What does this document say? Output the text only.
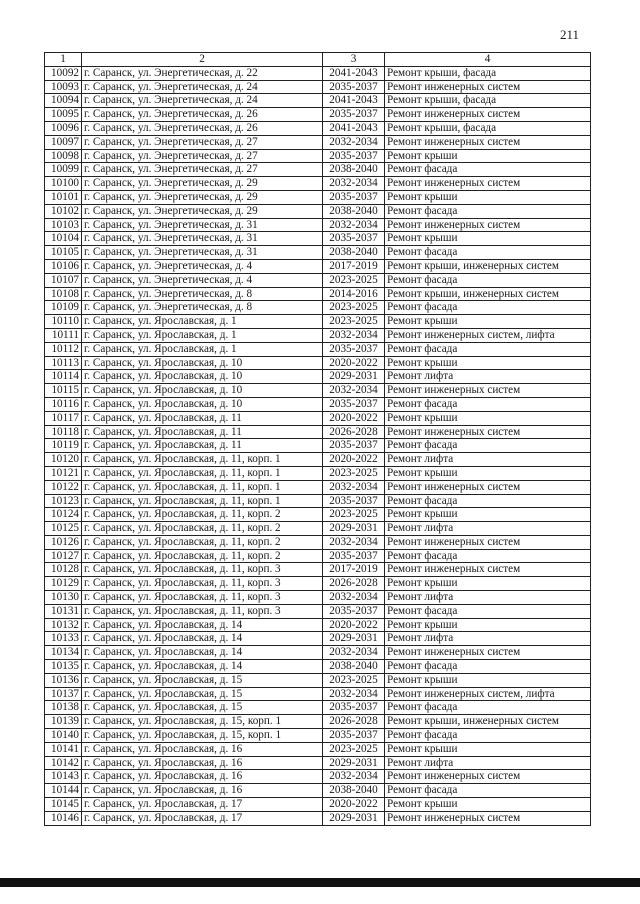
211
1	2	3	4
10092	г. Саранск, ул. Энергетическая, д. 22	2041-2043	Ремонт крыши, фасада
10093	г. Саранск, ул. Энергетическая, д. 24	2035-2037	Ремонт инженерных систем
10094	г. Саранск, ул. Энергетическая, д. 24	2041-2043	Ремонт крыши, фасада
10095	г. Саранск, ул. Энергетическая, д. 26	2035-2037	Ремонт инженерных систем
10096	г. Саранск, ул. Энергетическая, д. 26	2041-2043	Ремонт крыши, фасада
10097	г. Саранск, ул. Энергетическая, д. 27	2032-2034	Ремонт инженерных систем
10098	г. Саранск, ул. Энергетическая, д. 27	2035-2037	Ремонт крыши
10099	г. Саранск, ул. Энергетическая, д. 27	2038-2040	Ремонт фасада
10100	г. Саранск, ул. Энергетическая, д. 29	2032-2034	Ремонт инженерных систем
10101	г. Саранск, ул. Энергетическая, д. 29	2035-2037	Ремонт крыши
10102	г. Саранск, ул. Энергетическая, д. 29	2038-2040	Ремонт фасада
10103	г. Саранск, ул. Энергетическая, д. 31	2032-2034	Ремонт инженерных систем
10104	г. Саранск, ул. Энергетическая, д. 31	2035-2037	Ремонт крыши
10105	г. Саранск, ул. Энергетическая, д. 31	2038-2040	Ремонт фасада
10106	г. Саранск, ул. Энергетическая, д. 4	2017-2019	Ремонт крыши, инженерных систем
10107	г. Саранск, ул. Энергетическая, д. 4	2023-2025	Ремонт фасада
10108	г. Саранск, ул. Энергетическая, д. 8	2014-2016	Ремонт крыши, инженерных систем
10109	г. Саранск, ул. Энергетическая, д. 8	2023-2025	Ремонт фасада
10110	г. Саранск, ул. Ярославская, д. 1	2023-2025	Ремонт крыши
10111	г. Саранск, ул. Ярославская, д. 1	2032-2034	Ремонт инженерных систем, лифта
10112	г. Саранск, ул. Ярославская, д. 1	2035-2037	Ремонт фасада
10113	г. Саранск, ул. Ярославская, д. 10	2020-2022	Ремонт крыши
10114	г. Саранск, ул. Ярославская, д. 10	2029-2031	Ремонт лифта
10115	г. Саранск, ул. Ярославская, д. 10	2032-2034	Ремонт инженерных систем
10116	г. Саранск, ул. Ярославская, д. 10	2035-2037	Ремонт фасада
10117	г. Саранск, ул. Ярославская, д. 11	2020-2022	Ремонт крыши
10118	г. Саранск, ул. Ярославская, д. 11	2026-2028	Ремонт инженерных систем
10119	г. Саранск, ул. Ярославская, д. 11	2035-2037	Ремонт фасада
10120	г. Саранск, ул. Ярославская, д. 11, корп. 1	2020-2022	Ремонт лифта
10121	г. Саранск, ул. Ярославская, д. 11, корп. 1	2023-2025	Ремонт крыши
10122	г. Саранск, ул. Ярославская, д. 11, корп. 1	2032-2034	Ремонт инженерных систем
10123	г. Саранск, ул. Ярославская, д. 11, корп. 1	2035-2037	Ремонт фасада
10124	г. Саранск, ул. Ярославская, д. 11, корп. 2	2023-2025	Ремонт крыши
10125	г. Саранск, ул. Ярославская, д. 11, корп. 2	2029-2031	Ремонт лифта
10126	г. Саранск, ул. Ярославская, д. 11, корп. 2	2032-2034	Ремонт инженерных систем
10127	г. Саранск, ул. Ярославская, д. 11, корп. 2	2035-2037	Ремонт фасада
10128	г. Саранск, ул. Ярославская, д. 11, корп. 3	2017-2019	Ремонт инженерных систем
10129	г. Саранск, ул. Ярославская, д. 11, корп. 3	2026-2028	Ремонт крыши
10130	г. Саранск, ул. Ярославская, д. 11, корп. 3	2032-2034	Ремонт лифта
10131	г. Саранск, ул. Ярославская, д. 11, корп. 3	2035-2037	Ремонт фасада
10132	г. Саранск, ул. Ярославская, д. 14	2020-2022	Ремонт крыши
10133	г. Саранск, ул. Ярославская, д. 14	2029-2031	Ремонт лифта
10134	г. Саранск, ул. Ярославская, д. 14	2032-2034	Ремонт инженерных систем
10135	г. Саранск, ул. Ярославская, д. 14	2038-2040	Ремонт фасада
10136	г. Саранск, ул. Ярославская, д. 15	2023-2025	Ремонт крыши
10137	г. Саранск, ул. Ярославская, д. 15	2032-2034	Ремонт инженерных систем, лифта
10138	г. Саранск, ул. Ярославская, д. 15	2035-2037	Ремонт фасада
10139	г. Саранск, ул. Ярославская, д. 15, корп. 1	2026-2028	Ремонт крыши, инженерных систем
10140	г. Саранск, ул. Ярославская, д. 15, корп. 1	2035-2037	Ремонт фасада
10141	г. Саранск, ул. Ярославская, д. 16	2023-2025	Ремонт крыши
10142	г. Саранск, ул. Ярославская, д. 16	2029-2031	Ремонт лифта
10143	г. Саранск, ул. Ярославская, д. 16	2032-2034	Ремонт инженерных систем
10144	г. Саранск, ул. Ярославская, д. 16	2038-2040	Ремонт фасада
10145	г. Саранск, ул. Ярославская, д. 17	2020-2022	Ремонт крыши
10146	г. Саранск, ул. Ярославская, д. 17	2029-2031	Ремонт инженерных систем
